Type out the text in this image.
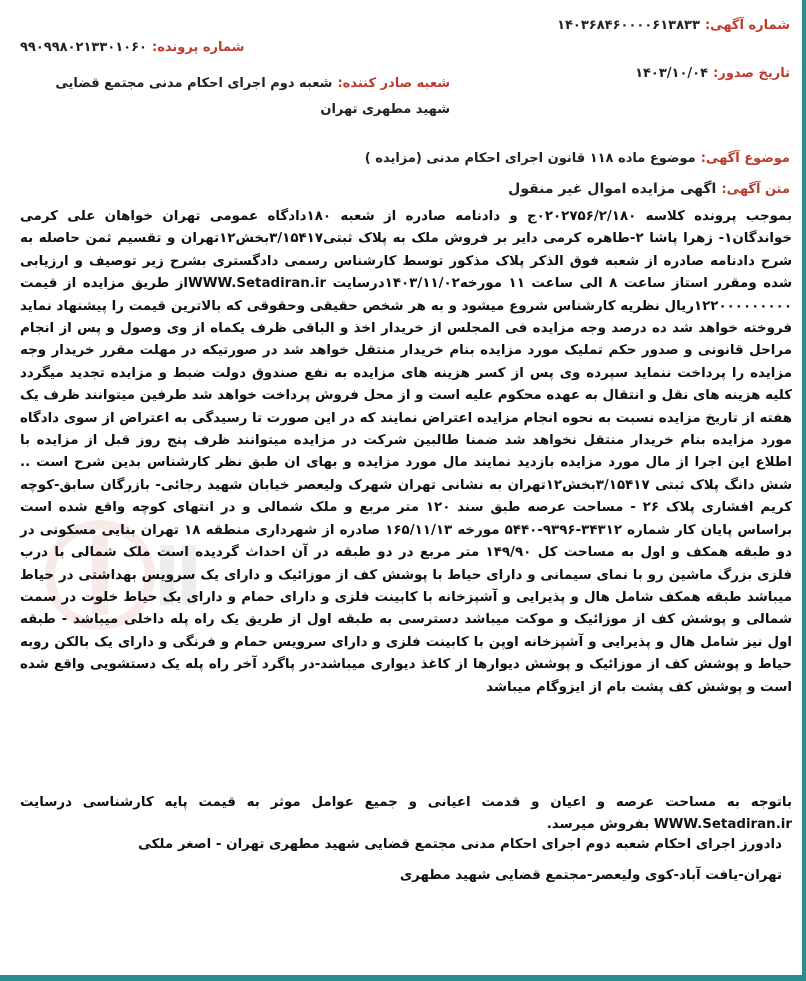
شماره آگهی: ۱۴۰۳۶۸۴۶۰۰۰۰۶۱۳۸۳۳
شماره پرونده: ۹۹۰۹۹۸۰۲۱۳۳۰۱۰۶۰
تاریخ صدور: ۱۴۰۳/۱۰/۰۴
شعبه صادر کننده: شعبه دوم اجرای احکام مدنی مجتمع قضایی شهید مطهری تهران
موضوع آگهی: موضوع ماده ۱۱۸ قانون اجرای احکام مدنی (مزایده )
متن آگهی: اگهی مزایده اموال غیر منقول

بموجب پرونده کلاسه ۰۲۰۲۷۵۶/۲/۱۸۰ج و دادنامه صادره از شعبه ۱۸۰دادگاه عمومی تهران خواهان علی کرمی خواندگان۱- زهرا پاشا ۲-طاهره کرمی دایر بر فروش ملک به پلاک ثبتی۳/۱۵۴۱۷بخش۱۲تهران و تقسیم ثمن حاصله به شرح دادنامه صادره از شعبه فوق الذکر پلاک مذکور توسط کارشناس رسمی دادگستری بشرح زیر توصیف و ارزیابی شده ومقرر استاز ساعت ۸ الی ساعت ۱۱ مورخه۱۴۰۳/۱۱/۰۲درسایت WWW.Setadiran.irاز طریق مزایده از قیمت ۱۲۲۰۰۰۰۰۰۰۰۰ریال نظریه کارشناس شروع میشود و به هر شخص حقیقی وحقوقی که بالاترین قیمت را پیشنهاد نماید فروخته خواهد شد ده درصد وجه مزایده فی المجلس از خریدار اخذ و الباقی ظرف یکماه از وی وصول و پس از انجام مراحل قانونی و صدور حکم تملیک مورد مزایده بنام خریدار منتقل خواهد شد در صورتیکه در مهلت مقرر خریدار وجه مزایده را پرداخت ننماید سپرده وی پس از کسر هزینه های مزایده به نفع صندوق دولت ضبط و مزایده تجدید میگردد کلیه هزینه های نقل و انتقال به عهده محکوم علیه است و از محل فروش پرداخت خواهد شد طرفین میتوانند ظرف یک هفته از تاریخ مزایده نسبت به نحوه انجام مزایده اعتراض نمایند که در این صورت تا رسیدگی به اعتراض از سوی دادگاه مورد مزایده بنام خریدار منتقل نخواهد شد ضمنا طالبین شرکت در مزایده میتوانند ظرف پنج روز قبل از مزایده با اطلاع این اجرا از مال مورد مزایده بازدید نمایند مال مورد مزایده و بهای ان طبق نظر کارشناس بدین شرح است .. شش دانگ پلاک ثبتی ۳/۱۵۴۱۷بخش۱۲تهران به نشانی تهران شهرک ولیعصر خیابان شهید رجائی- بازرگان سابق-کوچه کریم افشاری پلاک ۲۶ - مساحت عرصه طبق سند ۱۲۰ متر مربع و ملک شمالی و در انتهای کوچه واقع شده است براساس پایان کار شماره ۳۴۳۱۲-۹۳۹۶-۵۴۴۰ مورخه ۱۶۵/۱۱/۱۳ صادره از شهرداری منطقه ۱۸ تهران بنایی مسکونی در دو طبقه همکف و اول به مساحت کل ۱۴۹/۹۰ متر مربع در دو طبقه در آن احداث گردیده است ملک شمالی با درب فلزی بزرگ ماشین رو با نمای سیمانی و دارای حیاط با پوشش کف از موزائیک و دارای یک سرویس بهداشتی در حیاط میباشد طبقه همکف شامل هال و پذیرایی و آشپزخانه با کابینت فلزی و دارای حمام و دارای یک حیاط خلوت در سمت شمالی و پوشش کف از موزائیک و موکت میباشد دسترسی به طبقه اول از طریق یک راه پله داخلی میباشد - طبقه اول نیز شامل هال و پذیرایی و آشپزخانه اوپن با کابینت فلزی و دارای سرویس حمام و فرنگی و دارای یک بالکن روبه حیاط و پوشش کف از موزائیک و پوشش دیوارها از کاغذ دیواری میباشد-در پاگرد آخر راه پله یک دستشویی واقع شده است و پوشش کف پشت بام از ایزوگام میباشد

باتوجه به مساحت عرصه و اعیان و قدمت اعیانی و جمیع عوامل موثر به قیمت پایه کارشناسی درسایت WWW.Setadiran.ir بفروش میرسد.

دادورز اجرای احکام شعبه دوم اجرای احکام مدنی مجتمع قضایی شهید مطهری تهران - اصغر ملکی
تهران-یافت آباد-کوی ولیعصر-مجتمع قضایی شهید مطهری
